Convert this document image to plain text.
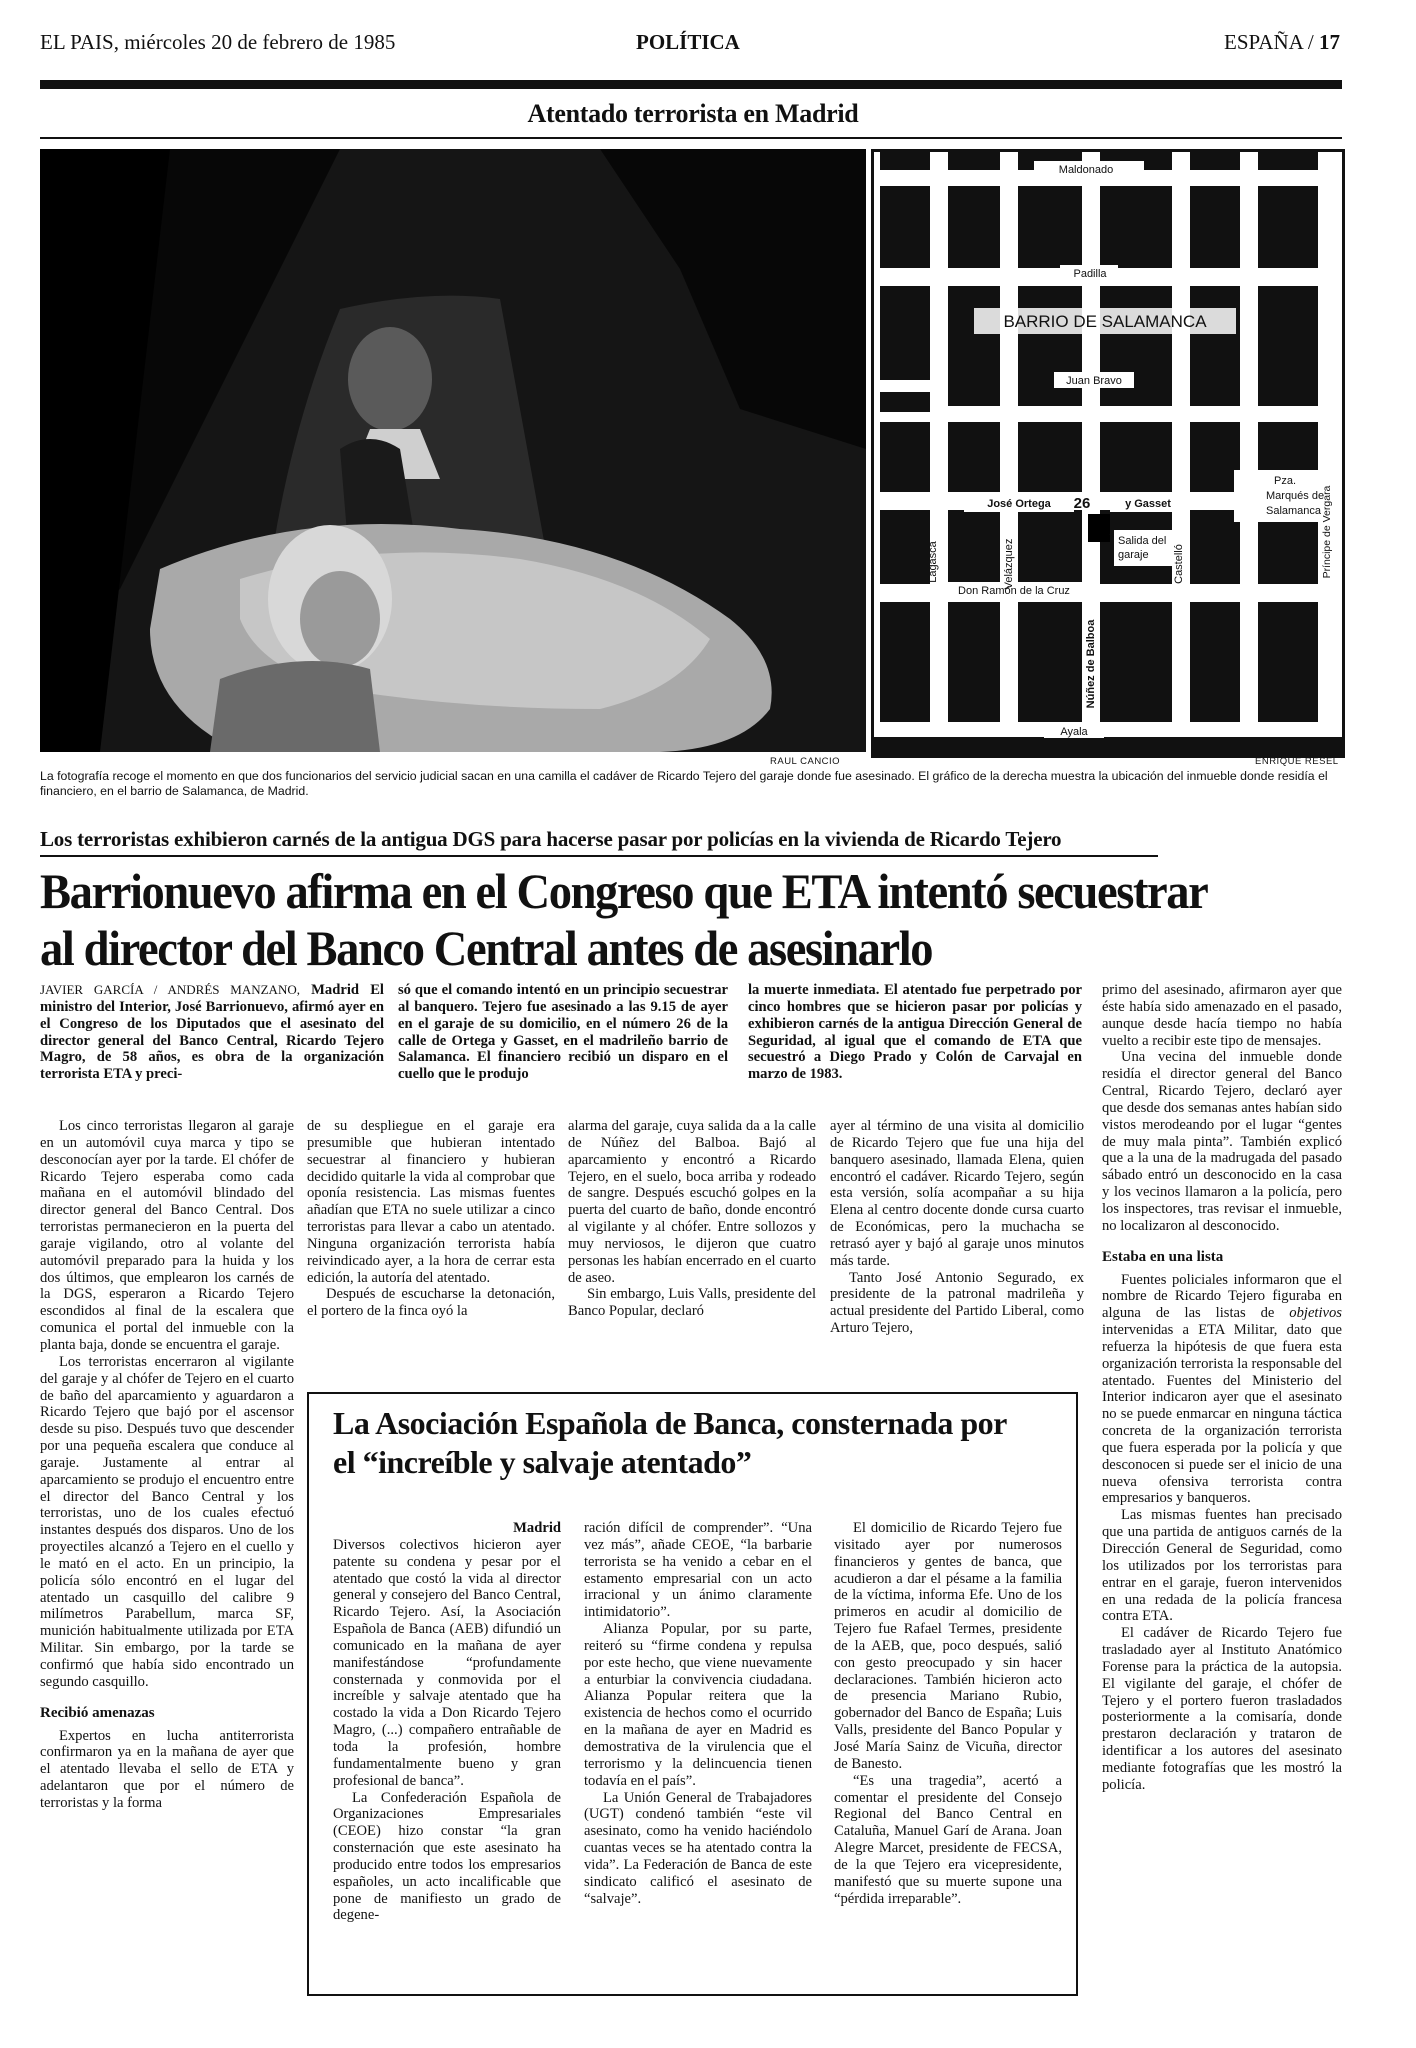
EL PAIS, miércoles 20 de febrero de 1985	POLÍTICA	ESPAÑA / 17
Atentado terrorista en Madrid
RAUL CANCIO
Maldonado
Padilla
BARRIO DE SALAMANCA
Juan Bravo
José Ortega 26	y Gasset
Salida del
garaje
Don Ramón de la Cruz
Ayala
Pza.
Marqués de
Salamanca
Lagasca	Velázquez
Núñez de Balboa
Castelló	Príncipe de Vergara
ENRIQUE RESEL
La fotografía recoge el momento en que dos funcionarios del servicio judicial sacan en una camilla el cadáver de Ricardo Tejero del garaje donde fue asesinado. El gráfico de la derecha muestra la ubicación del inmueble donde residía el financiero, en el barrio de Salamanca, de Madrid.
Los terroristas exhibieron carnés de la antigua DGS para hacerse pasar por policías en la vivienda de Ricardo Tejero
Barrionuevo afirma en el Congreso que ETA intentó secuestrar
al director del Banco Central antes de asesinarlo
JAVIER GARCÍA / ANDRÉS MANZANO, Madrid El ministro del Interior, José Barrionuevo, afirmó ayer en el Congreso de los Diputados que el asesinato del director general del Banco Central, Ricardo Tejero Magro, de 58 años, es obra de la organización terrorista ETA y preci-
só que el comando intentó en un principio secuestrar al banquero. Tejero fue asesinado a las 9.15 de ayer en el garaje de su domicilio, en el número 26 de la calle de Ortega y Gasset, en el madrileño barrio de Salamanca. El financiero recibió un disparo en el cuello que le produjo
la muerte inmediata. El atentado fue perpetrado por cinco hombres que se hicieron pasar por policías y exhibieron carnés de la antigua Dirección General de Seguridad, al igual que el comando de ETA que secuestró a Diego Prado y Colón de Carvajal en marzo de 1983.

Los cinco terroristas llegaron al garaje en un automóvil cuya marca y tipo se desconocían ayer por la tarde. El chófer de Ricardo Tejero esperaba como cada mañana en el automóvil blindado del director general del Banco Central. Dos terroristas permanecieron en la puerta del garaje vigilando, otro al volante del automóvil preparado para la huida y los dos últimos, que emplearon los carnés de la DGS, esperaron a Ricardo Tejero escondidos al final de la escalera que comunica el portal del inmueble con la planta baja, donde se encuentra el garaje.

Los terroristas encerraron al vigilante del garaje y al chófer de Tejero en el cuarto de baño del aparcamiento y aguardaron a Ricardo Tejero que bajó por el ascensor desde su piso. Después tuvo que descender por una pequeña escalera que conduce al garaje. Justamente al entrar al aparcamiento se produjo el encuentro entre el director del Banco Central y los terroristas, uno de los cuales efectuó instantes después dos disparos. Uno de los proyectiles alcanzó a Tejero en el cuello y le mató en el acto. En un principio, la policía sólo encontró en el lugar del atentado un casquillo del calibre 9 milímetros Parabellum, marca SF, munición habitualmente utilizada por ETA Militar. Sin embargo, por la tarde se confirmó que había sido encontrado un segundo casquillo.

Recibió amenazas

Expertos en lucha antiterrorista confirmaron ya en la mañana de ayer que el atentado llevaba el sello de ETA y adelantaron que por el número de terroristas y la forma

de su despliegue en el garaje era presumible que hubieran intentado secuestrar al financiero y hubieran decidido quitarle la vida al comprobar que oponía resistencia. Las mismas fuentes añadían que ETA no suele utilizar a cinco terroristas para llevar a cabo un atentado. Ninguna organización terrorista había reivindicado ayer, a la hora de cerrar esta edición, la autoría del atentado.

Después de escucharse la detonación, el portero de la finca oyó la

alarma del garaje, cuya salida da a la calle de Núñez del Balboa. Bajó al aparcamiento y encontró a Ricardo Tejero, en el suelo, boca arriba y rodeado de sangre. Después escuchó golpes en la puerta del cuarto de baño, donde encontró al vigilante y al chófer. Entre sollozos y muy nerviosos, le dijeron que cuatro personas les habían encerrado en el cuarto de aseo.

Sin embargo, Luis Valls, presidente del Banco Popular, declaró

ayer al término de una visita al domicilio de Ricardo Tejero que fue una hija del banquero asesinado, llamada Elena, quien encontró el cadáver. Ricardo Tejero, según esta versión, solía acompañar a su hija Elena al centro docente donde cursa cuarto de Económicas, pero la muchacha se retrasó ayer y bajó al garaje unos minutos más tarde.

Tanto José Antonio Segurado, ex presidente de la patronal madrileña y actual presidente del Partido Liberal, como Arturo Tejero,

primo del asesinado, afirmaron ayer que éste había sido amenazado en el pasado, aunque desde hacía tiempo no había vuelto a recibir este tipo de mensajes.

Una vecina del inmueble donde residía el director general del Banco Central, Ricardo Tejero, declaró ayer que desde dos semanas antes habían sido vistos merodeando por el lugar “gentes de muy mala pinta”. También explicó que a la una de la madrugada del pasado sábado entró un desconocido en la casa y los vecinos llamaron a la policía, pero los inspectores, tras revisar el inmueble, no localizaron al desconocido.

Estaba en una lista

Fuentes policiales informaron que el nombre de Ricardo Tejero figuraba en alguna de las listas de objetivos intervenidas a ETA Militar, dato que refuerza la hipótesis de que fuera esta organización terrorista la responsable del atentado. Fuentes del Ministerio del Interior indicaron ayer que el asesinato no se puede enmarcar en ninguna táctica concreta de la organización terrorista que fuera esperada por la policía y que desconocen si puede ser el inicio de una nueva ofensiva terrorista contra empresarios y banqueros.

Las mismas fuentes han precisado que una partida de antiguos carnés de la Dirección General de Seguridad, como los utilizados por los terroristas para entrar en el garaje, fueron intervenidos en una redada de la policía francesa contra ETA.

El cadáver de Ricardo Tejero fue trasladado ayer al Instituto Anatómico Forense para la práctica de la autopsia. El vigilante del garaje, el chófer de Tejero y el portero fueron trasladados posteriormente a la comisaría, donde prestaron declaración y trataron de identificar a los autores del asesinato mediante fotografías que les mostró la policía.

La Asociación Española de Banca, consternada por
el “increíble y salvaje atentado”

Madrid

Diversos colectivos hicieron ayer patente su condena y pesar por el atentado que costó la vida al director general y consejero del Banco Central, Ricardo Tejero. Así, la Asociación Española de Banca (AEB) difundió un comunicado en la mañana de ayer manifestándose “profundamente consternada y conmovida por el increíble y salvaje atentado que ha costado la vida a Don Ricardo Tejero Magro, (...) compañero entrañable de toda la profesión, hombre fundamentalmente bueno y gran profesional de banca”.

La Confederación Española de Organizaciones Empresariales (CEOE) hizo constar “la gran consternación que este asesinato ha producido entre todos los empresarios españoles, un acto incalificable que pone de manifiesto un grado de degene-

ración difícil de comprender”. “Una vez más”, añade CEOE, “la barbarie terrorista se ha venido a cebar en el estamento empresarial con un acto irracional y un ánimo claramente intimidatorio”.

Alianza Popular, por su parte, reiteró su “firme condena y repulsa por este hecho, que viene nuevamente a enturbiar la convivencia ciudadana. Alianza Popular reitera que la existencia de hechos como el ocurrido en la mañana de ayer en Madrid es demostrativa de la virulencia que el terrorismo y la delincuencia tienen todavía en el país”.

La Unión General de Trabajadores (UGT) condenó también “este vil asesinato, como ha venido haciéndolo cuantas veces se ha atentado contra la vida”. La Federación de Banca de este sindicato calificó el asesinato de “salvaje”.

El domicilio de Ricardo Tejero fue visitado ayer por numerosos financieros y gentes de banca, que acudieron a dar el pésame a la familia de la víctima, informa Efe. Uno de los primeros en acudir al domicilio de Tejero fue Rafael Termes, presidente de la AEB, que, poco después, salió con gesto preocupado y sin hacer declaraciones. También hicieron acto de presencia Mariano Rubio, gobernador del Banco de España; Luis Valls, presidente del Banco Popular y José María Sainz de Vicuña, director de Banesto.

“Es una tragedia”, acertó a comentar el presidente del Consejo Regional del Banco Central en Cataluña, Manuel Garí de Arana. Joan Alegre Marcet, presidente de FECSA, de la que Tejero era vicepresidente, manifestó que su muerte supone una “pérdida irreparable”.
